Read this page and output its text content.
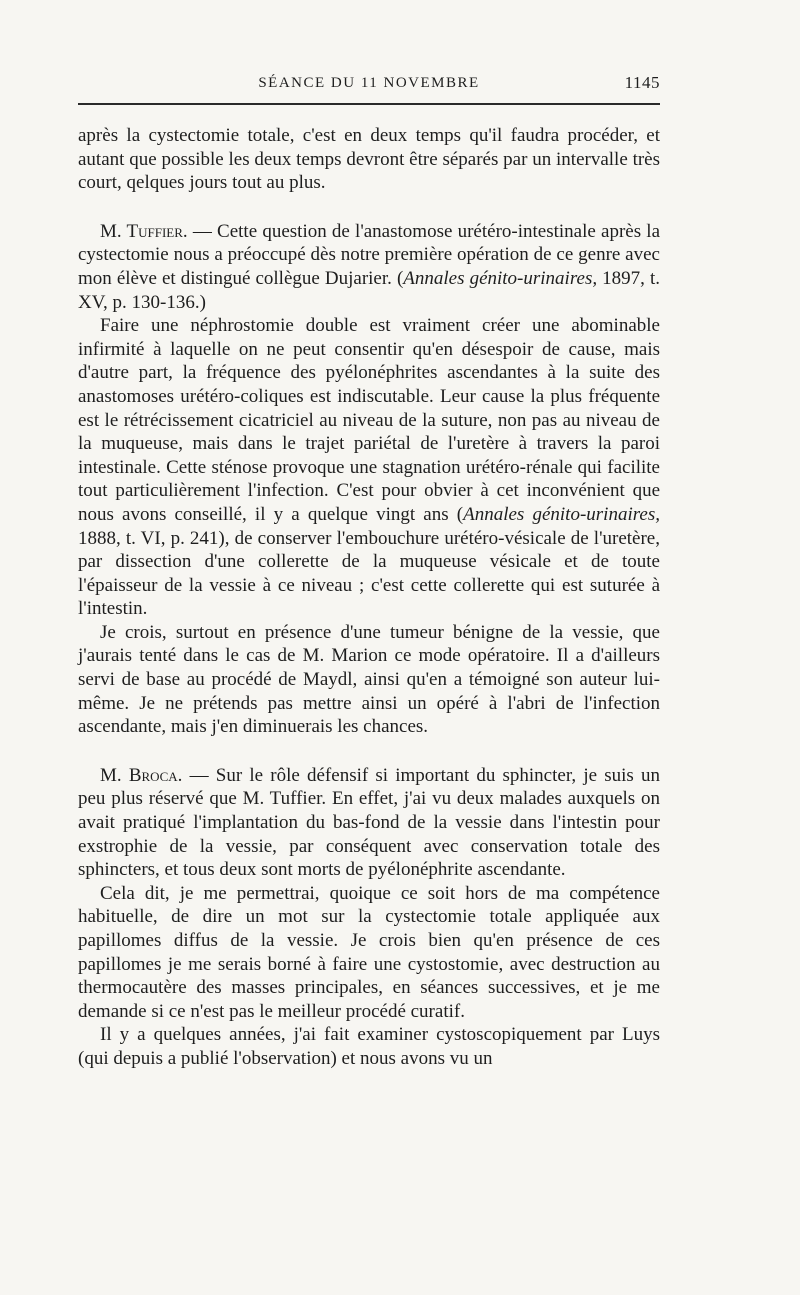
SÉANCE DU 11 NOVEMBRE	1145

après la cystectomie totale, c'est en deux temps qu'il faudra procéder, et autant que possible les deux temps devront être séparés par un intervalle très court, qelques jours tout au plus.

M. Tuffier. — Cette question de l'anastomose urétéro-intestinale après la cystectomie nous a préoccupé dès notre première opération de ce genre avec mon élève et distingué collègue Dujarier. (Annales génito-urinaires, 1897, t. XV, p. 130-136.)

Faire une néphrostomie double est vraiment créer une abominable infirmité à laquelle on ne peut consentir qu'en désespoir de cause, mais d'autre part, la fréquence des pyélonéphrites ascendantes à la suite des anastomoses urétéro-coliques est indiscutable. Leur cause la plus fréquente est le rétrécissement cicatriciel au niveau de la suture, non pas au niveau de la muqueuse, mais dans le trajet pariétal de l'uretère à travers la paroi intestinale. Cette sténose provoque une stagnation urétéro-rénale qui facilite tout particulièrement l'infection. C'est pour obvier à cet inconvénient que nous avons conseillé, il y a quelque vingt ans (Annales génito-urinaires, 1888, t. VI, p. 241), de conserver l'embouchure urétéro-vésicale de l'uretère, par dissection d'une collerette de la muqueuse vésicale et de toute l'épaisseur de la vessie à ce niveau ; c'est cette collerette qui est suturée à l'intestin.

Je crois, surtout en présence d'une tumeur bénigne de la vessie, que j'aurais tenté dans le cas de M. Marion ce mode opératoire. Il a d'ailleurs servi de base au procédé de Maydl, ainsi qu'en a témoigné son auteur lui-même. Je ne prétends pas mettre ainsi un opéré à l'abri de l'infection ascendante, mais j'en diminuerais les chances.

M. Broca. — Sur le rôle défensif si important du sphincter, je suis un peu plus réservé que M. Tuffier. En effet, j'ai vu deux malades auxquels on avait pratiqué l'implantation du bas-fond de la vessie dans l'intestin pour exstrophie de la vessie, par conséquent avec conservation totale des sphincters, et tous deux sont morts de pyélonéphrite ascendante.

Cela dit, je me permettrai, quoique ce soit hors de ma compétence habituelle, de dire un mot sur la cystectomie totale appliquée aux papillomes diffus de la vessie. Je crois bien qu'en présence de ces papillomes je me serais borné à faire une cystostomie, avec destruction au thermocautère des masses principales, en séances successives, et je me demande si ce n'est pas le meilleur procédé curatif.

Il y a quelques années, j'ai fait examiner cystoscopiquement par Luys (qui depuis a publié l'observation) et nous avons vu un
